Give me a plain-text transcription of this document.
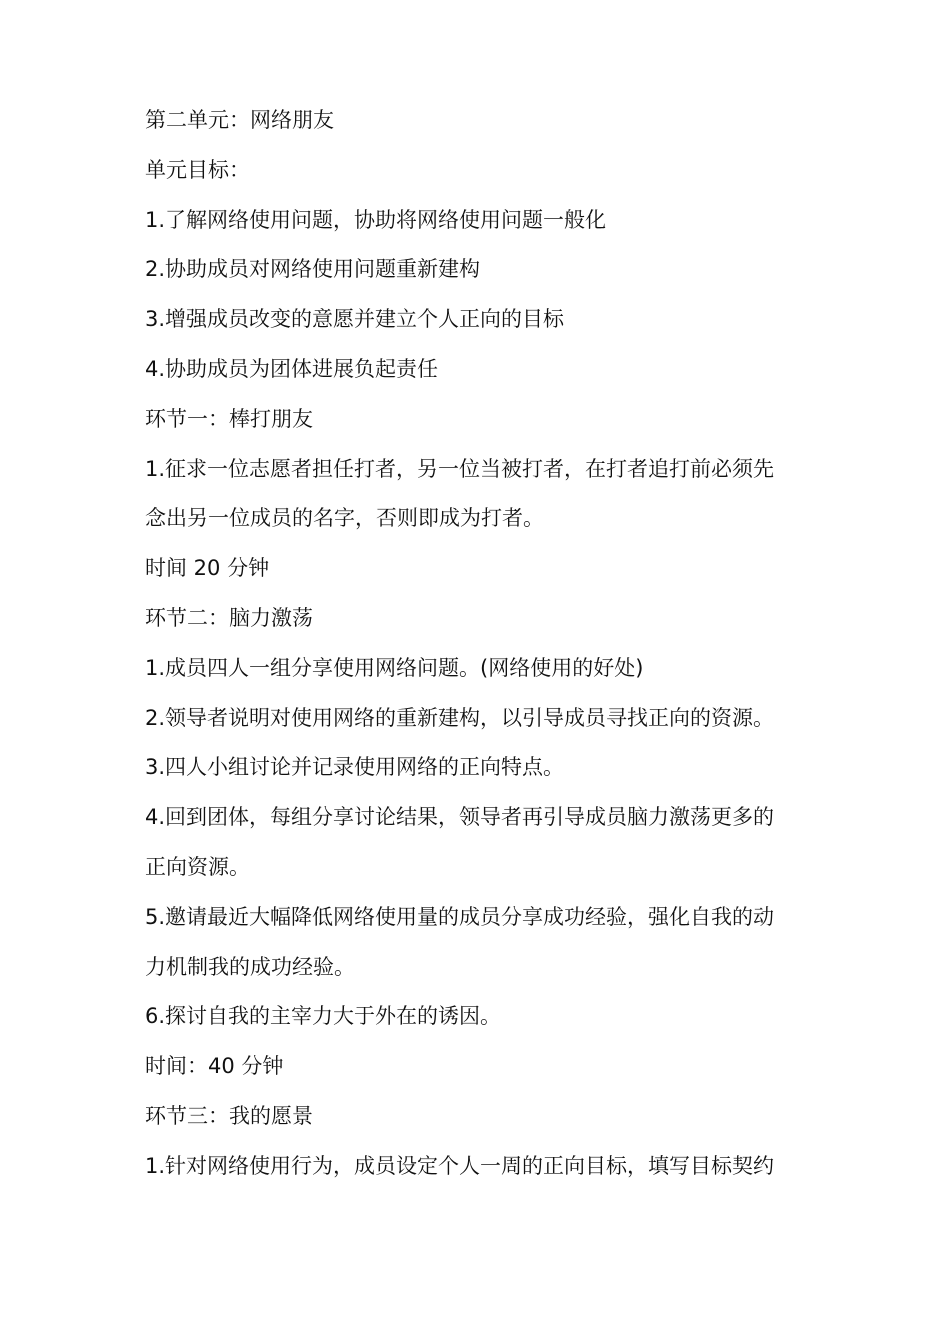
第二单元：网络朋友

单元目标：

1.了解网络使用问题，协助将网络使用问题一般化

2.协助成员对网络使用问题重新建构

3.增强成员改变的意愿并建立个人正向的目标

4.协助成员为团体进展负起责任

环节一：棒打朋友

1.征求一位志愿者担任打者，另一位当被打者，在打者追打前必须先

念出另一位成员的名字，否则即成为打者。

时间 20 分钟

环节二：脑力激荡

1.成员四人一组分享使用网络问题。(网络使用的好处)

2.领导者说明对使用网络的重新建构，以引导成员寻找正向的资源。

3.四人小组讨论并记录使用网络的正向特点。

4.回到团体，每组分享讨论结果，领导者再引导成员脑力激荡更多的

正向资源。

5.邀请最近大幅降低网络使用量的成员分享成功经验，强化自我的动

力机制我的成功经验。

6.探讨自我的主宰力大于外在的诱因。

时间：40 分钟

环节三：我的愿景

1.针对网络使用行为，成员设定个人一周的正向目标，填写目标契约
